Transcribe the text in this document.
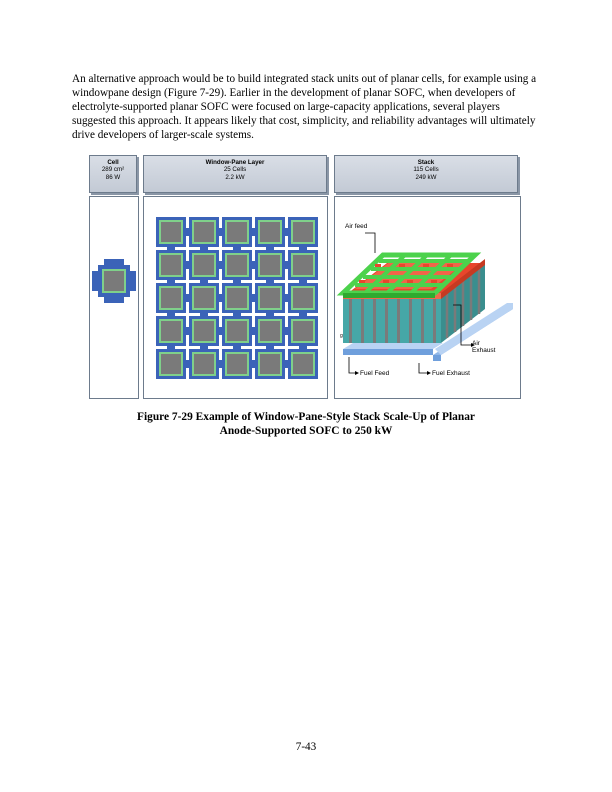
An alternative approach would be to build integrated stack units out of planar cells, for example using a windowpane design (Figure 7-29). Earlier in the development of planar SOFC, when developers of electrolyte-supported planar SOFC were focused on large-capacity applications, several players suggested this approach. It appears likely that cost, simplicity, and reliability advantages will ultimately drive developers of larger-scale systems.

Cell
289 cm²
86 W
Window-Pane Layer
25 Cells
2.2 kW
Stack
115 Cells
249 kW
g
Air feed
Air
Exhaust
Fuel Feed	Fuel Exhaust
Figure 7-29 Example of Window-Pane-Style Stack Scale-Up of Planar
Anode-Supported SOFC to 250 kW
7-43
